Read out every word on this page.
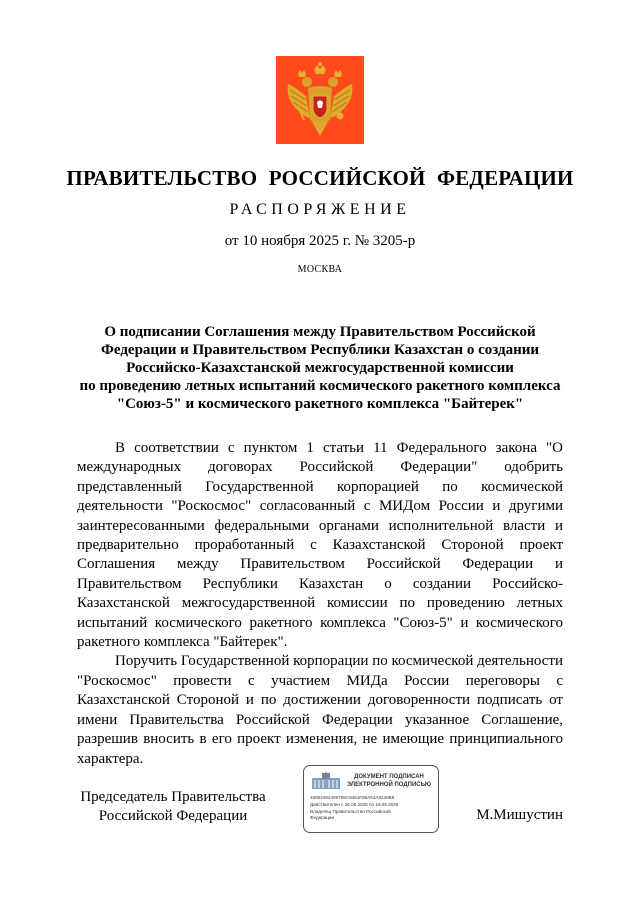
ПРАВИТЕЛЬСТВО РОССИЙСКОЙ ФЕДЕРАЦИИ
РАСПОРЯЖЕНИЕ
от 10 ноября 2025 г. № 3205-р
МОСКВА
О подписании Соглашения между Правительством Российской
Федерации и Правительством Республики Казахстан о создании
Российско-Казахстанской межгосударственной комиссии
по проведению летных испытаний космического ракетного комплекса
"Союз-5" и космического ракетного комплекса "Байтерек"

В соответствии с пунктом 1 статьи 11 Федерального закона "О международных договорах Российской Федерации" одобрить представленный Государственной корпорацией по космической деятельности "Роскосмос" согласованный с МИДом России и другими заинтересованными федеральными органами исполнительной власти и предварительно проработанный с Казахстанской Стороной проект Соглашения между Правительством Российской Федерации и Правительством Республики Казахстан о создании Российско-Казахстанской межгосударственной комиссии по проведению летных испытаний космического ракетного комплекса "Союз-5" и космического ракетного комплекса "Байтерек".

Поручить Государственной корпорации по космической деятельности "Роскосмос" провести с участием МИДа России переговоры с Казахстанской Стороной и по достижении договоренности подписать от имени Правительства Российской Федерации указанное Соглашение, разрешив вносить в его проект изменения, не имеющие принципиального характера.

Председатель Правительства
Российской Федерации
ДОКУМЕНТ ПОДПИСАН
ЭЛЕКТРОННОЙ ПОДПИСЬЮ
16962482409795C9451F86A54A8228B9
Действителен с 26.06.2025 по 19.09.2026
Владелец Правительство Российской
Федерации	М.Мишустин
